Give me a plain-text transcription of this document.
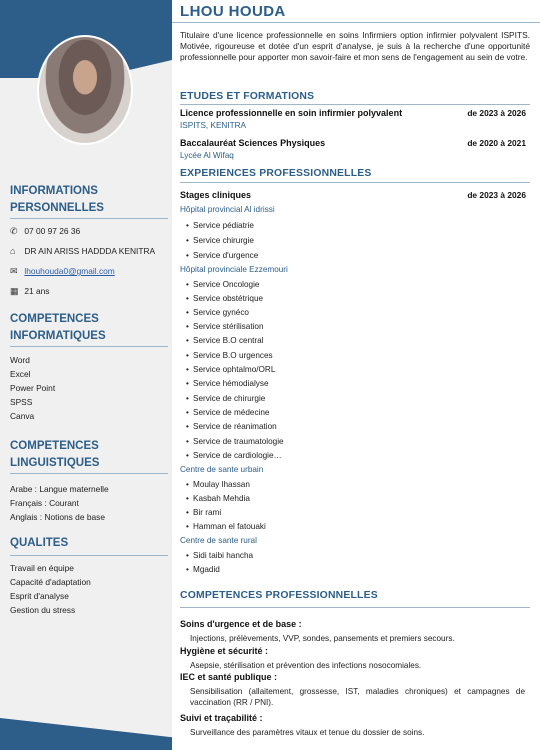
INFORMATIONS PERSONNELLES
✆ 07 00 97 26 36
⌂ DR AIN ARISS HADDDA KENITRA
✉ lhouhouda0@gmail.com
▦ 21 ans
COMPETENCES INFORMATIQUES
Word
Excel
Power Point
SPSS
Canva
COMPETENCES LINGUISTIQUES
Arabe : Langue maternelle
Français : Courant
Anglais : Notions de base
QUALITES
Travail en équipe
Capacité d'adaptation
Esprit d'analyse
Gestion du stress
LHOU HOUDA
Titulaire d'une licence professionnelle en soins Infirmiers option infirmier polyvalent ISPITS. Motivée, rigoureuse et dotée d'un esprit d'analyse, je suis à la recherche d'une opportunité professionnelle pour apporter mon savoir-faire et mon sens de l'engagement au sein de votre.
ETUDES ET FORMATIONS
Licence professionnelle en soin infirmier polyvalent	de 2023 à 2026
ISPITS, KENITRA
Baccalauréat Sciences Physiques	de 2020 à 2021
Lycée Al Wifaq
EXPERIENCES PROFESSIONNELLES
Stages cliniques	de 2023 à 2026
Hôpital provincial Al idrissi
• Service pédiatrie
• Service chirurgie
• Service d'urgence
Hôpital provinciale Ezzemouri
• Service Oncologie
• Service obstétrique
• Service gynéco
• Service stérilisation
• Service B.O central
• Service B.O urgences
• Service ophtalmo/ORL
• Service hémodialyse
• Service de chirurgie
• Service de médecine
• Service de réanimation
• Service de traumatologie
• Service de cardiologie…
Centre de sante urbain
• Moulay lhassan
• Kasbah Mehdia
• Bir rami
• Hamman el fatouaki
Centre de sante rural
• Sidi taibi hancha
• Mgadid
COMPETENCES PROFESSIONNELLES
Soins d'urgence et de base :
Injections, prélèvements, VVP, sondes, pansements et premiers secours.
Hygiène et sécurité :
Asepsie, stérilisation et prévention des infections nosocomiales.
IEC et santé publique :
Sensibilisation (allaitement, grossesse, IST, maladies chroniques) et campagnes de vaccination (RR / PNI).
Suivi et traçabilité :
Surveillance des paramètres vitaux et tenue du dossier de soins.
